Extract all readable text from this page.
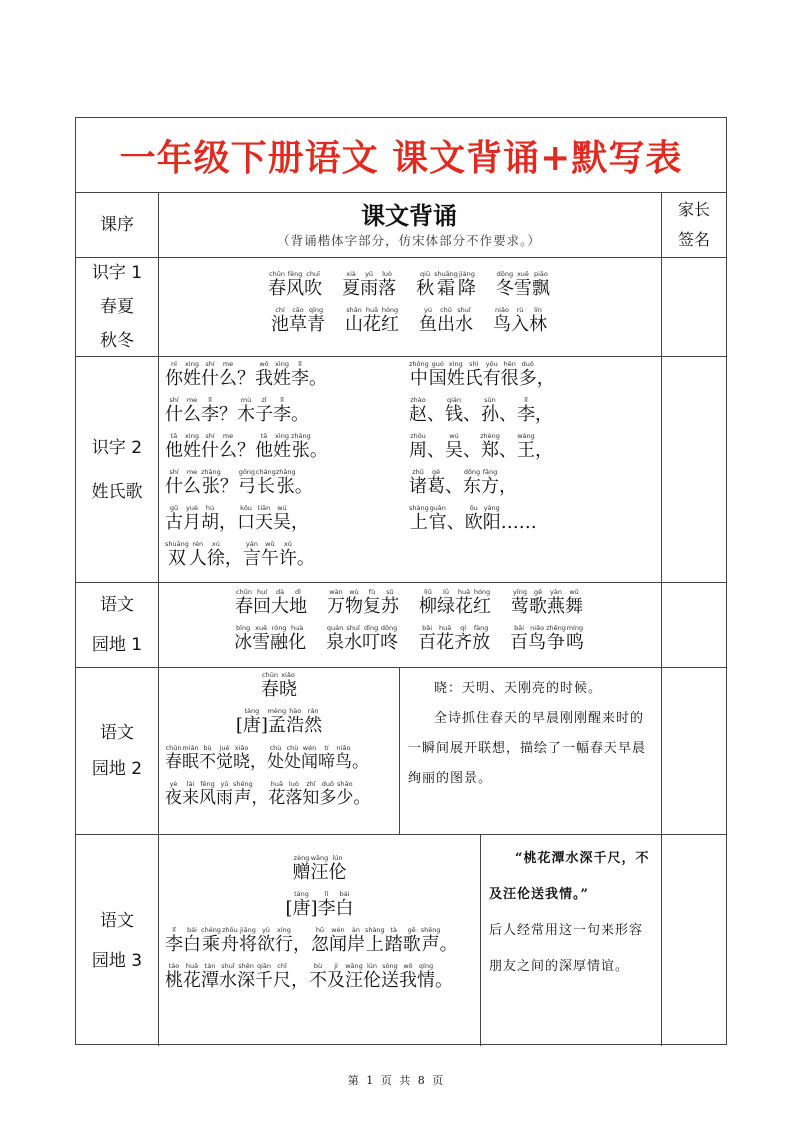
一年级下册语文 课文背诵+默写表
课序	课文背诵
（背诵楷体字部分，仿宋体部分不作要求。）
家长
签名
识字 1
春夏
秋冬
春chūn风fēng吹chuī夏xià雨yǔ落luò秋qiū霜shuāng降jiàng冬dōng雪xuě飘piāo
池chí草cǎo青qīng山shān花huā红hóng鱼yú出chū水shuǐ鸟niǎo入rù林lín
识字 2
姓氏歌
你nǐ姓xìng什shí么me？我wǒ姓xìng李lǐ。
什shí么me李lǐ？木mù子zǐ李lǐ。
他tā姓xìng什shí么me？他tā姓xìng张zhāng。
什shí么me张zhāng？弓gōng长cháng张zhāng。
古gǔ月yuè胡hú，口kǒu天tiān吴wú，
双shuāng人rén徐xú，言yán午wǔ许xǔ。
中zhōng国guó姓xìng氏shì有yǒu很hěn多duō，
赵zhào、钱qián、孙sūn、李lǐ，
周zhōu、吴wú、郑zhèng、王wáng，
诸zhū葛gě、东dōng方fāng，
上shàng官guān、欧ōu阳yáng……
语文
园地 1
春chūn回huí大dà地dì万wàn物wù复fù苏sū柳liǔ绿lǜ花huā红hóng莺yīng歌gē燕yàn舞wǔ
冰bīng雪xuě融róng化huà泉quán水shuǐ叮dīng咚dōng百bǎi花huā齐qí放fàng百bǎi鸟niǎo争zhēng鸣míng
语文
园地 2
春chūn晓xiǎo
[唐táng]孟mèng浩hào然rán
春chūn眠mián不bù觉jué晓xiǎo，处chù处chù闻wén啼tí鸟niǎo。
夜yè来lái风fēng雨yǔ声shēng，花huā落luò知zhī多duō少shǎo。
晓：天明、天刚亮的时候。
全诗抓住春天的早晨刚刚醒来时的一瞬间展开联想，描绘了一幅春天早晨绚丽的图景。
语文
园地 3
赠zèng汪wāng伦lún
[唐táng]李lǐ白bái
李lǐ白bái乘chéng舟zhōu将jiāng欲yù行xíng，忽hū闻wén岸àn上shàng踏tà歌gē声shēng。
桃táo花huā潭tán水shuǐ深shēn千qiān尺chǐ，不bù及jí汪wāng伦lún送sòng我wǒ情qíng。
“桃花潭水深千尺，不及汪伦送我情。”
后人经常用这一句来形容朋友之间的深厚情谊。
第 1 页 共 8 页
